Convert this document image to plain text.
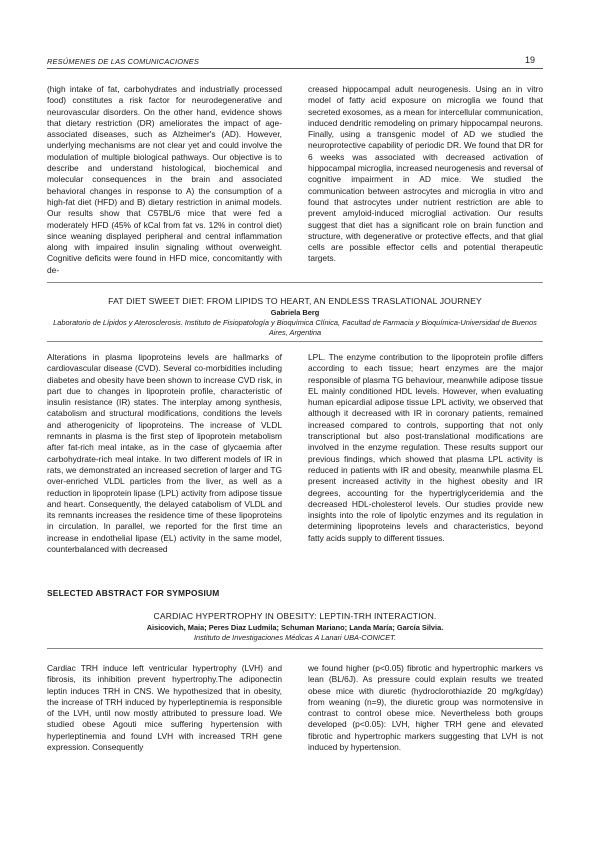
RESÚMENES DE LAS COMUNICACIONES	19

(high intake of fat, carbohydrates and industrially processed food) constitutes a risk factor for neurodegenerative and neurovascular disorders. On the other hand, evidence shows that dietary restriction (DR) ameliorates the impact of age-associated diseases, such as Alzheimer's (AD). However, underlying mechanisms are not clear yet and could involve the modulation of multiple biological pathways. Our objective is to describe and understand histological, biochemical and molecular consequences in the brain and associated behavioral changes in response to A) the consumption of a high-fat diet (HFD) and B) dietary restriction in animal models. Our results show that C57BL/6 mice that were fed a moderately HFD (45% of kCal from fat vs. 12% in control diet) since weaning displayed peripheral and central inflammation along with impaired insulin signaling without overweight. Cognitive deficits were found in HFD mice, concomitantly with de-

creased hippocampal adult neurogenesis. Using an in vitro model of fatty acid exposure on microglia we found that secreted exosomes, as a mean for intercellular communication, induced dendritic remodeling on primary hippocampal neurons. Finally, using a transgenic model of AD we studied the neuroprotective capability of periodic DR. We found that DR for 6 weeks was associated with decreased activation of hippocampal microglia, increased neurogenesis and reversal of cognitive impairment in AD mice. We studied the communication between astrocytes and microglia in vitro and found that astrocytes under nutrient restriction are able to prevent amyloid-induced microglial activation. Our results suggest that diet has a significant role on brain function and structure, with degenerative or protective effects, and that glial cells are possible effector cells and potential therapeutic targets.

FAT DIET SWEET DIET: FROM LIPIDS TO HEART, AN ENDLESS TRASLATIONAL JOURNEY
Gabriela Berg
Laboratorio de Lípidos y Aterosclerosis. Instituto de Fisiopatología y Bioquímica Clínica, Facultad de Farmacia y Bioquímica-Universidad de Buenos Aires, Argentina

Alterations in plasma lipoproteins levels are hallmarks of cardiovascular disease (CVD). Several co-morbidities including diabetes and obesity have been shown to increase CVD risk, in part due to changes in lipoprotein profile, characteristic of insulin resistance (IR) states. The interplay among synthesis, catabolism and structural modifications, conditions the levels and atherogenicity of lipoproteins. The increase of VLDL remnants in plasma is the first step of lipoprotein metabolism after fat-rich meal intake, as in the case of glycaemia after carbohydrate-rich meal intake. In two different models of IR in rats, we demonstrated an increased secretion of larger and TG over-enriched VLDL particles from the liver, as well as a reduction in lipoprotein lipase (LPL) activity from adipose tissue and heart. Consequently, the delayed catabolism of VLDL and its remnants increases the residence time of these lipoproteins in circulation. In parallel, we reported for the first time an increase in endothelial lipase (EL) activity in the same model, counterbalanced with decreased

LPL. The enzyme contribution to the lipoprotein profile differs according to each tissue; heart enzymes are the major responsible of plasma TG behaviour, meanwhile adipose tissue EL mainly conditioned HDL levels. However, when evaluating human epicardial adipose tissue LPL activity, we observed that although it decreased with IR in coronary patients, remained increased compared to controls, supporting that not only transcriptional but also post-translational modifications are involved in the enzyme regulation. These results support our previous findings, which showed that plasma LPL activity is reduced in patients with IR and obesity, meanwhile plasma EL present increased activity in the highest obesity and IR degrees, accounting for the hypertriglyceridemia and the decreased HDL-cholesterol levels. Our studies provide new insights into the role of lipolytic enzymes and its regulation in determining lipoproteins levels and characteristics, beyond fatty acids supply to different tissues.

SELECTED ABSTRACT FOR SYMPOSIUM
CARDIAC HYPERTROPHY IN OBESITY: LEPTIN-TRH INTERACTION.
Aisicovich, Maia; Peres Diaz Ludmila; Schuman Mariano; Landa María; García Silvia.
Instituto de Investigaciones Médicas A Lanari UBA-CONICET.

Cardiac TRH induce left ventricular hypertrophy (LVH) and fibrosis, its inhibition prevent hypertrophy.The adiponectin leptin induces TRH in CNS. We hypothesized that in obesity, the increase of TRH induced by hyperleptinemia is responsible of the LVH, until now mostly attributed to pressure load. We studied obese Agouti mice suffering hypertension with hyperleptinemia and found LVH with increased TRH gene expression. Consequently

we found higher (p<0.05) fibrotic and hypertrophic markers vs lean (BL/6J). As pressure could explain results we treated obese mice with diuretic (hydroclorothiazide 20 mg/kg/day) from weaning (n=9), the diuretic group was normotensive in contrast to control obese mice. Nevertheless both groups developed (p<0.05): LVH, higher TRH gene and elevated fibrotic and hypertrophic markers suggesting that LVH is not induced by hypertension.
